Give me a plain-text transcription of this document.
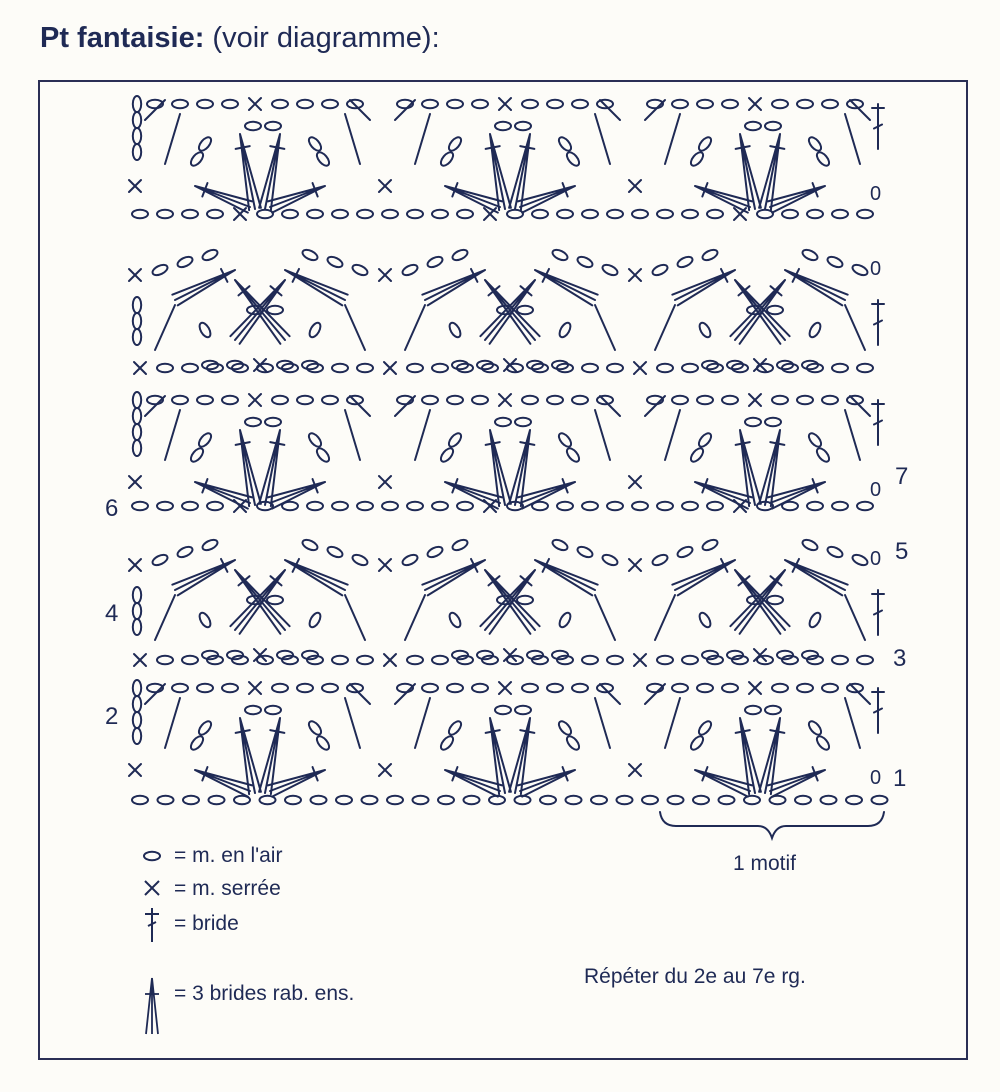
Pt fantaisie: (voir diagramme):
0
0
0
0
0
1
2
3
4
5
6
7
1 motif
= m. en l'air
= m. serrée
= bride
= 3 brides rab. ens.
Répéter du 2e au 7e rg.
